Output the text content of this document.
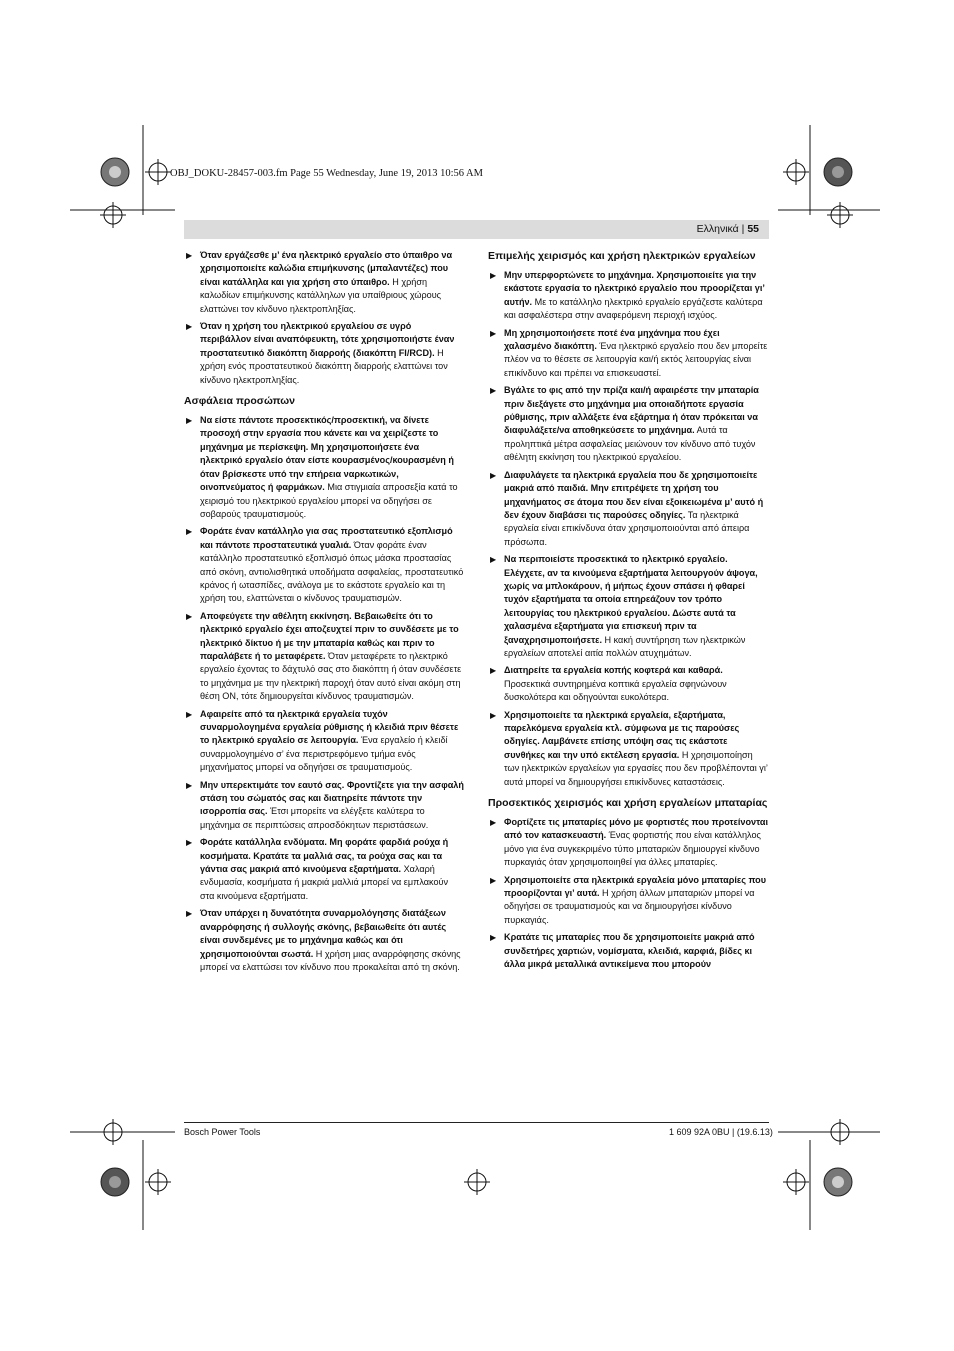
OBJ_DOKU-28457-003.fm Page 55 Wednesday, June 19, 2013 10:56 AM
Ελληνικά | 55
▶ Όταν εργάζεσθε μ’ ένα ηλεκτρικό εργαλείο στο ύπαιθρο να χρησιμοποιείτε καλώδια επιμήκυνσης (μπαλαντέζες) που είναι κατάλληλα και για χρήση στο ύπαιθρο. Η χρήση καλωδίων επιμήκυνσης κατάλληλων για υπαίθριους χώρους ελαττώνει τον κίνδυνο ηλεκτροπληξίας.
▶ Όταν η χρήση του ηλεκτρικού εργαλείου σε υγρό περιβάλλον είναι αναπόφευκτη, τότε χρησιμοποιήστε έναν προστατευτικό διακόπτη διαρροής (διακόπτη FI/RCD). Η χρήση ενός προστατευτικού διακόπτη διαρροής ελαττώνει τον κίνδυνο ηλεκτροπληξίας.
Ασφάλεια προσώπων
▶ Να είστε πάντοτε προσεκτικός/προσεκτική, να δίνετε προσοχή στην εργασία που κάνετε και να χειρίζεστε το μηχάνημα με περίσκεψη. Μη χρησιμοποιήσετε ένα ηλεκτρικό εργαλείο όταν είστε κουρασμένος/κουρασμένη ή όταν βρίσκεστε υπό την επήρεια ναρκωτικών, οινοπνεύματος ή φαρμάκων. Μια στιγμιαία απροσεξία κατά το χειρισμό του ηλεκτρικού εργαλείου μπορεί να οδηγήσει σε σοβαρούς τραυματισμούς.
▶ Φοράτε έναν κατάλληλο για σας προστατευτικό εξοπλισμό και πάντοτε προστατευτικά γυαλιά. Όταν φοράτε έναν κατάλληλο προστατευτικό εξοπλισμό όπως μάσκα προστασίας από σκόνη, αντιολισθητικά υποδήματα ασφαλείας, προστατευτικό κράνος ή ωτασπίδες, ανάλογα με το εκάστοτε εργαλείο και τη χρήση του, ελαττώνεται ο κίνδυνος τραυματισμών.
▶ Αποφεύγετε την αθέλητη εκκίνηση. Βεβαιωθείτε ότι το ηλεκτρικό εργαλείο έχει αποζευχτεί πριν το συνδέσετε με το ηλεκτρικό δίκτυο ή με την μπαταρία καθώς και πριν το παραλάβετε ή το μεταφέρετε. Όταν μεταφέρετε το ηλεκτρικό εργαλείο έχοντας το δάχτυλό σας στο διακόπτη ή όταν συνδέσετε το μηχάνημα με την ηλεκτρική παροχή όταν αυτό είναι ακόμη στη θέση ON, τότε δημιουργείται κίνδυνος τραυματισμών.
▶ Αφαιρείτε από τα ηλεκτρικά εργαλεία τυχόν συναρμολογημένα εργαλεία ρύθμισης ή κλειδιά πριν θέσετε το ηλεκτρικό εργαλείο σε λειτουργία. Ένα εργαλείο ή κλειδί συναρμολογημένο σ’ ένα περιστρεφόμενο τμήμα ενός μηχανήματος μπορεί να οδηγήσει σε τραυματισμούς.
▶ Μην υπερεκτιμάτε τον εαυτό σας. Φροντίζετε για την ασφαλή στάση του σώματός σας και διατηρείτε πάντοτε την ισορροπία σας. Έτσι μπορείτε να ελέγξετε καλύτερα το μηχάνημα σε περιπτώσεις απροσδόκητων περιστάσεων.
▶ Φοράτε κατάλληλα ενδύματα. Μη φοράτε φαρδιά ρούχα ή κοσμήματα. Κρατάτε τα μαλλιά σας, τα ρούχα σας και τα γάντια σας μακριά από κινούμενα εξαρτήματα. Χαλαρή ενδυμασία, κοσμήματα ή μακριά μαλλιά μπορεί να εμπλακούν στα κινούμενα εξαρτήματα.
▶ Όταν υπάρχει η δυνατότητα συναρμολόγησης διατάξεων αναρρόφησης ή συλλογής σκόνης, βεβαιωθείτε ότι αυτές είναι συνδεμένες με το μηχάνημα καθώς και ότι χρησιμοποιούνται σωστά. Η χρήση μιας αναρρόφησης σκόνης μπορεί να ελαττώσει τον κίνδυνο που προκαλείται από τη σκόνη.
Επιμελής χειρισμός και χρήση ηλεκτρικών εργαλείων
▶ Μην υπερφορτώνετε το μηχάνημα. Χρησιμοποιείτε για την εκάστοτε εργασία το ηλεκτρικό εργαλείο που προορίζεται γι’ αυτήν. Με το κατάλληλο ηλεκτρικό εργαλείο εργάζεστε καλύτερα και ασφαλέστερα στην αναφερόμενη περιοχή ισχύος.
▶ Μη χρησιμοποιήσετε ποτέ ένα μηχάνημα που έχει χαλασμένο διακόπτη. Ένα ηλεκτρικό εργαλείο που δεν μπορείτε πλέον να το θέσετε σε λειτουργία και/ή εκτός λειτουργίας είναι επικίνδυνο και πρέπει να επισκευαστεί.
▶ Βγάλτε το φις από την πρίζα και/ή αφαιρέστε την μπαταρία πριν διεξάγετε στο μηχάνημα μια οποιαδήποτε εργασία ρύθμισης, πριν αλλάξετε ένα εξάρτημα ή όταν πρόκειται να διαφυλάξετε/να αποθηκεύσετε το μηχάνημα. Αυτά τα προληπτικά μέτρα ασφαλείας μειώνουν τον κίνδυνο από τυχόν αθέλητη εκκίνηση του ηλεκτρικού εργαλείου.
▶ Διαφυλάγετε τα ηλεκτρικά εργαλεία που δε χρησιμοποιείτε μακριά από παιδιά. Μην επιτρέψετε τη χρήση του μηχανήματος σε άτομα που δεν είναι εξοικειωμένα μ’ αυτό ή δεν έχουν διαβάσει τις παρούσες οδηγίες. Τα ηλεκτρικά εργαλεία είναι επικίνδυνα όταν χρησιμοποιούνται από άπειρα πρόσωπα.
▶ Να περιποιείστε προσεκτικά το ηλεκτρικό εργαλείο. Ελέγχετε, αν τα κινούμενα εξαρτήματα λειτουργούν άψογα, χωρίς να μπλοκάρουν, ή μήπως έχουν σπάσει ή φθαρεί τυχόν εξαρτήματα τα οποία επηρεάζουν τον τρόπο λειτουργίας του ηλεκτρικού εργαλείου. Δώστε αυτά τα χαλασμένα εξαρτήματα για επισκευή πριν τα ξαναχρησιμοποιήσετε. Η κακή συντήρηση των ηλεκτρικών εργαλείων αποτελεί αιτία πολλών ατυχημάτων.
▶ Διατηρείτε τα εργαλεία κοπής κοφτερά και καθαρά. Προσεκτικά συντηρημένα κοπτικά εργαλεία σφηνώνουν δυσκολότερα και οδηγούνται ευκολότερα.
▶ Χρησιμοποιείτε τα ηλεκτρικά εργαλεία, εξαρτήματα, παρελκόμενα εργαλεία κτλ. σύμφωνα με τις παρούσες οδηγίες. Λαμβάνετε επίσης υπόψη σας τις εκάστοτε συνθήκες και την υπό εκτέλεση εργασία. Η χρησιμοποίηση των ηλεκτρικών εργαλείων για εργασίες που δεν προβλέπονται γι’ αυτά μπορεί να δημιουργήσει επικίνδυνες καταστάσεις.
Προσεκτικός χειρισμός και χρήση εργαλείων μπαταρίας
▶ Φορτίζετε τις μπαταρίες μόνο με φορτιστές που προτείνονται από τον κατασκευαστή. Ένας φορτιστής που είναι κατάλληλος μόνο για ένα συγκεκριμένο τύπο μπαταριών δημιουργεί κίνδυνο πυρκαγιάς όταν χρησιμοποιηθεί για άλλες μπαταρίες.
▶ Χρησιμοποιείτε στα ηλεκτρικά εργαλεία μόνο μπαταρίες που προορίζονται γι’ αυτά. Η χρήση άλλων μπαταριών μπορεί να οδηγήσει σε τραυματισμούς και να δημιουργήσει κίνδυνο πυρκαγιάς.
▶ Κρατάτε τις μπαταρίες που δε χρησιμοποιείτε μακριά από συνδετήρες χαρτιών, νομίσματα, κλειδιά, καρφιά, βίδες κι άλλα μικρά μεταλλικά αντικείμενα που μπορούν
Bosch Power Tools	1 609 92A 0BU | (19.6.13)
